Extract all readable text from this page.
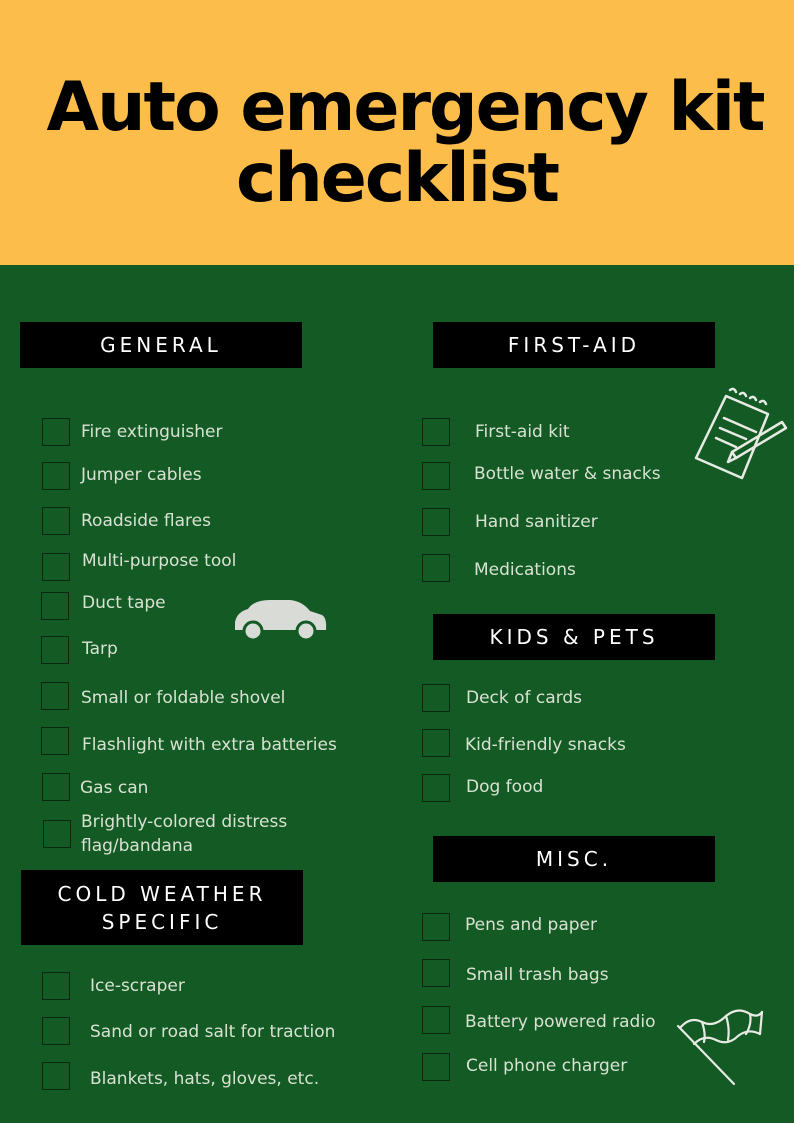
Auto emergency kit
checklist
GENERAL
Fire extinguisher
Jumper cables
Roadside flares
Multi-purpose tool
Duct tape
Tarp
Small or foldable shovel
Flashlight with extra batteries
Gas can
Brightly-colored distress
flag/bandana
COLD WEATHER
SPECIFIC
Ice-scraper
Sand or road salt for traction
Blankets, hats, gloves, etc.
FIRST-AID
First-aid kit
Bottle water & snacks
Hand sanitizer
Medications
KIDS & PETS
Deck of cards
Kid-friendly snacks
Dog food
MISC.
Pens and paper
Small trash bags
Battery powered radio
Cell phone charger
